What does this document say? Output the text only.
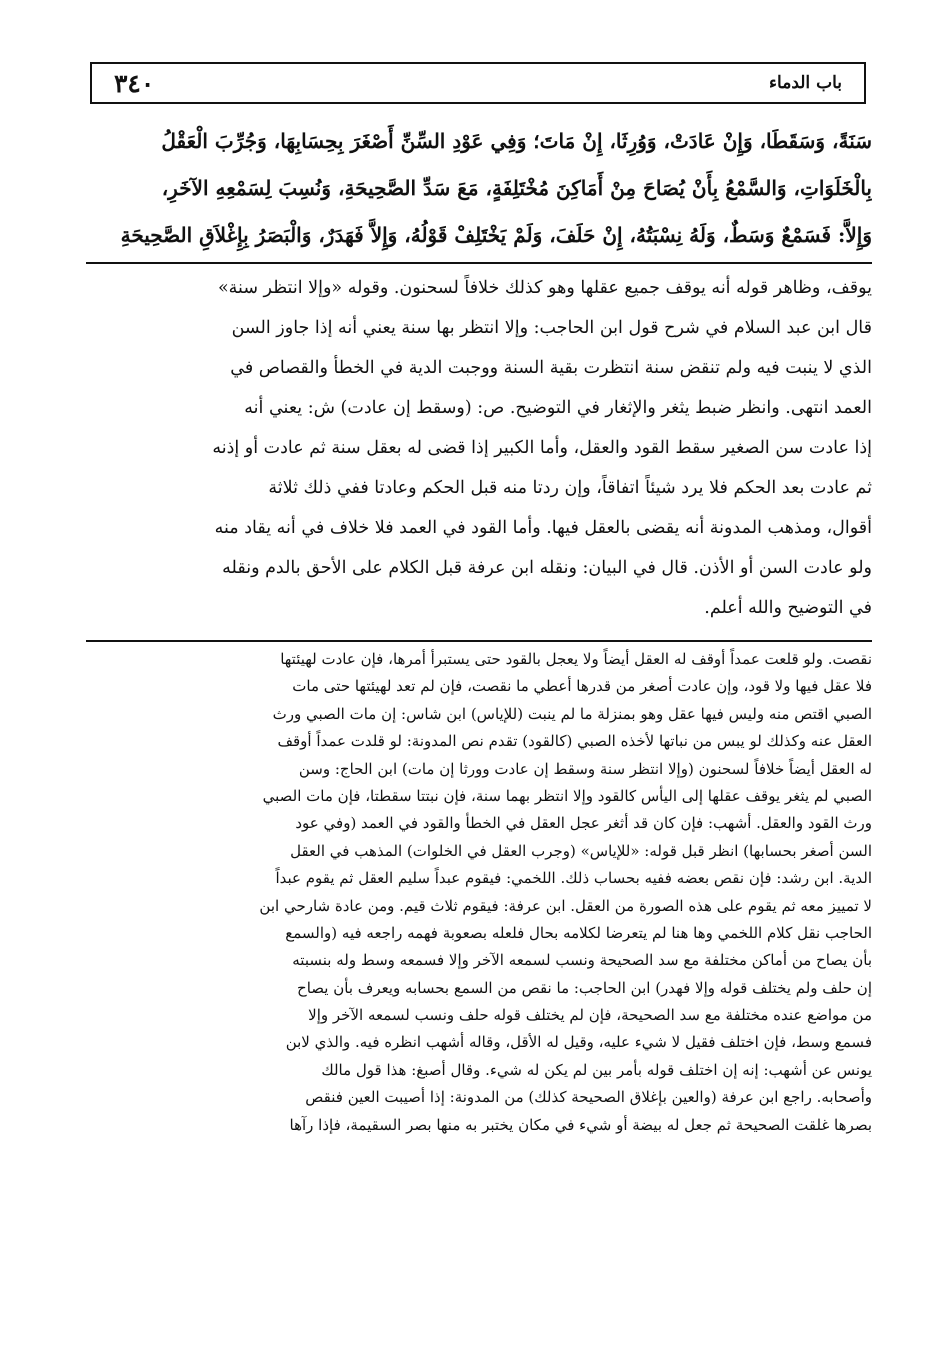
٣٤٠	باب الدماء

سَنَةً، وَسَقَطَا، وَإِنْ عَادَتْ، وَوُرِثَا، إِنْ مَاتَ؛ وَفِي عَوْدِ السِّنِّ أَصْغَرَ بِحِسَابِهَا، وَجُرِّبَ الْعَقْلُ

بِالْخَلَوَاتِ، وَالسَّمْعُ بِأَنْ يُصَاحَ مِنْ أَمَاكِنَ مُخْتَلِفَةٍ، مَعَ سَدِّ الصَّحِيحَةِ، وَنُسِبَ لِسَمْعِهِ الآخَرِ،

وَإِلاَّ: فَسَمْعٌ وَسَطٌ، وَلَهُ نِسْبَتُهُ، إِنْ حَلَفَ، وَلَمْ يَخْتَلِفْ قَوْلُهُ، وَإِلاَّ فَهَدَرٌ، وَالْبَصَرُ بِإِغْلاَقِ الصَّحِيحَةِ

يوقف، وظاهر قوله أنه يوقف جميع عقلها وهو كذلك خلافاً لسحنون. وقوله «وإلا انتظر سنة»

قال ابن عبد السلام في شرح قول ابن الحاجب: وإلا انتظر بها سنة يعني أنه إذا جاوز السن

الذي لا ينبت فيه ولم تنقض سنة انتظرت بقية السنة ووجبت الدية في الخطأ والقصاص في

العمد انتهى. وانظر ضبط يثغر والإثغار في التوضيح. ص: (وسقط إن عادت) ش: يعني أنه

إذا عادت سن الصغير سقط القود والعقل، وأما الكبير إذا قضى له بعقل سنة ثم عادت أو إذنه

ثم عادت بعد الحكم فلا يرد شيئاً اتفاقاً، وإن ردتا منه قبل الحكم وعادتا ففي ذلك ثلاثة

أقوال، ومذهب المدونة أنه يقضى بالعقل فيها. وأما القود في العمد فلا خلاف في أنه يقاد منه

ولو عادت السن أو الأذن. قال في البيان: ونقله ابن عرفة قبل الكلام على الأحق بالدم ونقله

في التوضيح والله أعلم.

نقصت. ولو قلعت عمداً أوقف له العقل أيضاً ولا يعجل بالقود حتى يستبرأ أمرها، فإن عادت لهيئتها

فلا عقل فيها ولا قود، وإن عادت أصغر من قدرها أعطي ما نقصت، فإن لم تعد لهيئتها حتى مات

الصبي اقتص منه وليس فيها عقل وهو بمنزلة ما لم ينبت (للإياس) ابن شاس: إن مات الصبي ورث

العقل عنه وكذلك لو يبس من نباتها لأخذه الصبي (كالقود) تقدم نص المدونة: لو قلدت عمداً أوقف

له العقل أيضاً خلافاً لسحنون (وإلا انتظر سنة وسقط إن عادت وورثا إن مات) ابن الحاج: وسن

الصبي لم يثغر يوقف عقلها إلى اليأس كالقود وإلا انتظر بهما سنة، فإن نبتتا سقطتا، فإن مات الصبي

ورث القود والعقل. أشهب: فإن كان قد أثغر عجل العقل في الخطأ والقود في العمد (وفي عود

السن أصغر بحسابها) انظر قبل قوله: «للإياس» (وجرب العقل في الخلوات) المذهب في العقل

الدية. ابن رشد: فإن نقص بعضه ففيه بحساب ذلك. اللخمي: فيقوم عبداً سليم العقل ثم يقوم عبداً

لا تمييز معه ثم يقوم على هذه الصورة من العقل. ابن عرفة: فيقوم ثلاث قيم. ومن عادة شارحي ابن

الحاجب نقل كلام اللخمي وها هنا لم يتعرضا لكلامه بحال فلعله بصعوبة فهمه راجعه فيه (والسمع

بأن يصاح من أماكن مختلفة مع سد الصحيحة ونسب لسمعه الآخر وإلا فسمعه وسط وله بنسبته

إن حلف ولم يختلف قوله وإلا فهدر) ابن الحاجب: ما نقص من السمع بحسابه ويعرف بأن يصاح

من مواضع عنده مختلفة مع سد الصحيحة، فإن لم يختلف قوله حلف ونسب لسمعه الآخر وإلا

فسمع وسط، فإن اختلف فقيل لا شيء عليه، وقيل له الأقل، وقاله أشهب انظره فيه. والذي لابن

يونس عن أشهب: إنه إن اختلف قوله بأمر بين لم يكن له شيء. وقال أصبغ: هذا قول مالك

وأصحابه. راجع ابن عرفة (والعين بإغلاق الصحيحة كذلك) من المدونة: إذا أصيبت العين فنقص

بصرها غلقت الصحيحة ثم جعل له بيضة أو شيء في مكان يختبر به منها بصر السقيمة، فإذا رآها
